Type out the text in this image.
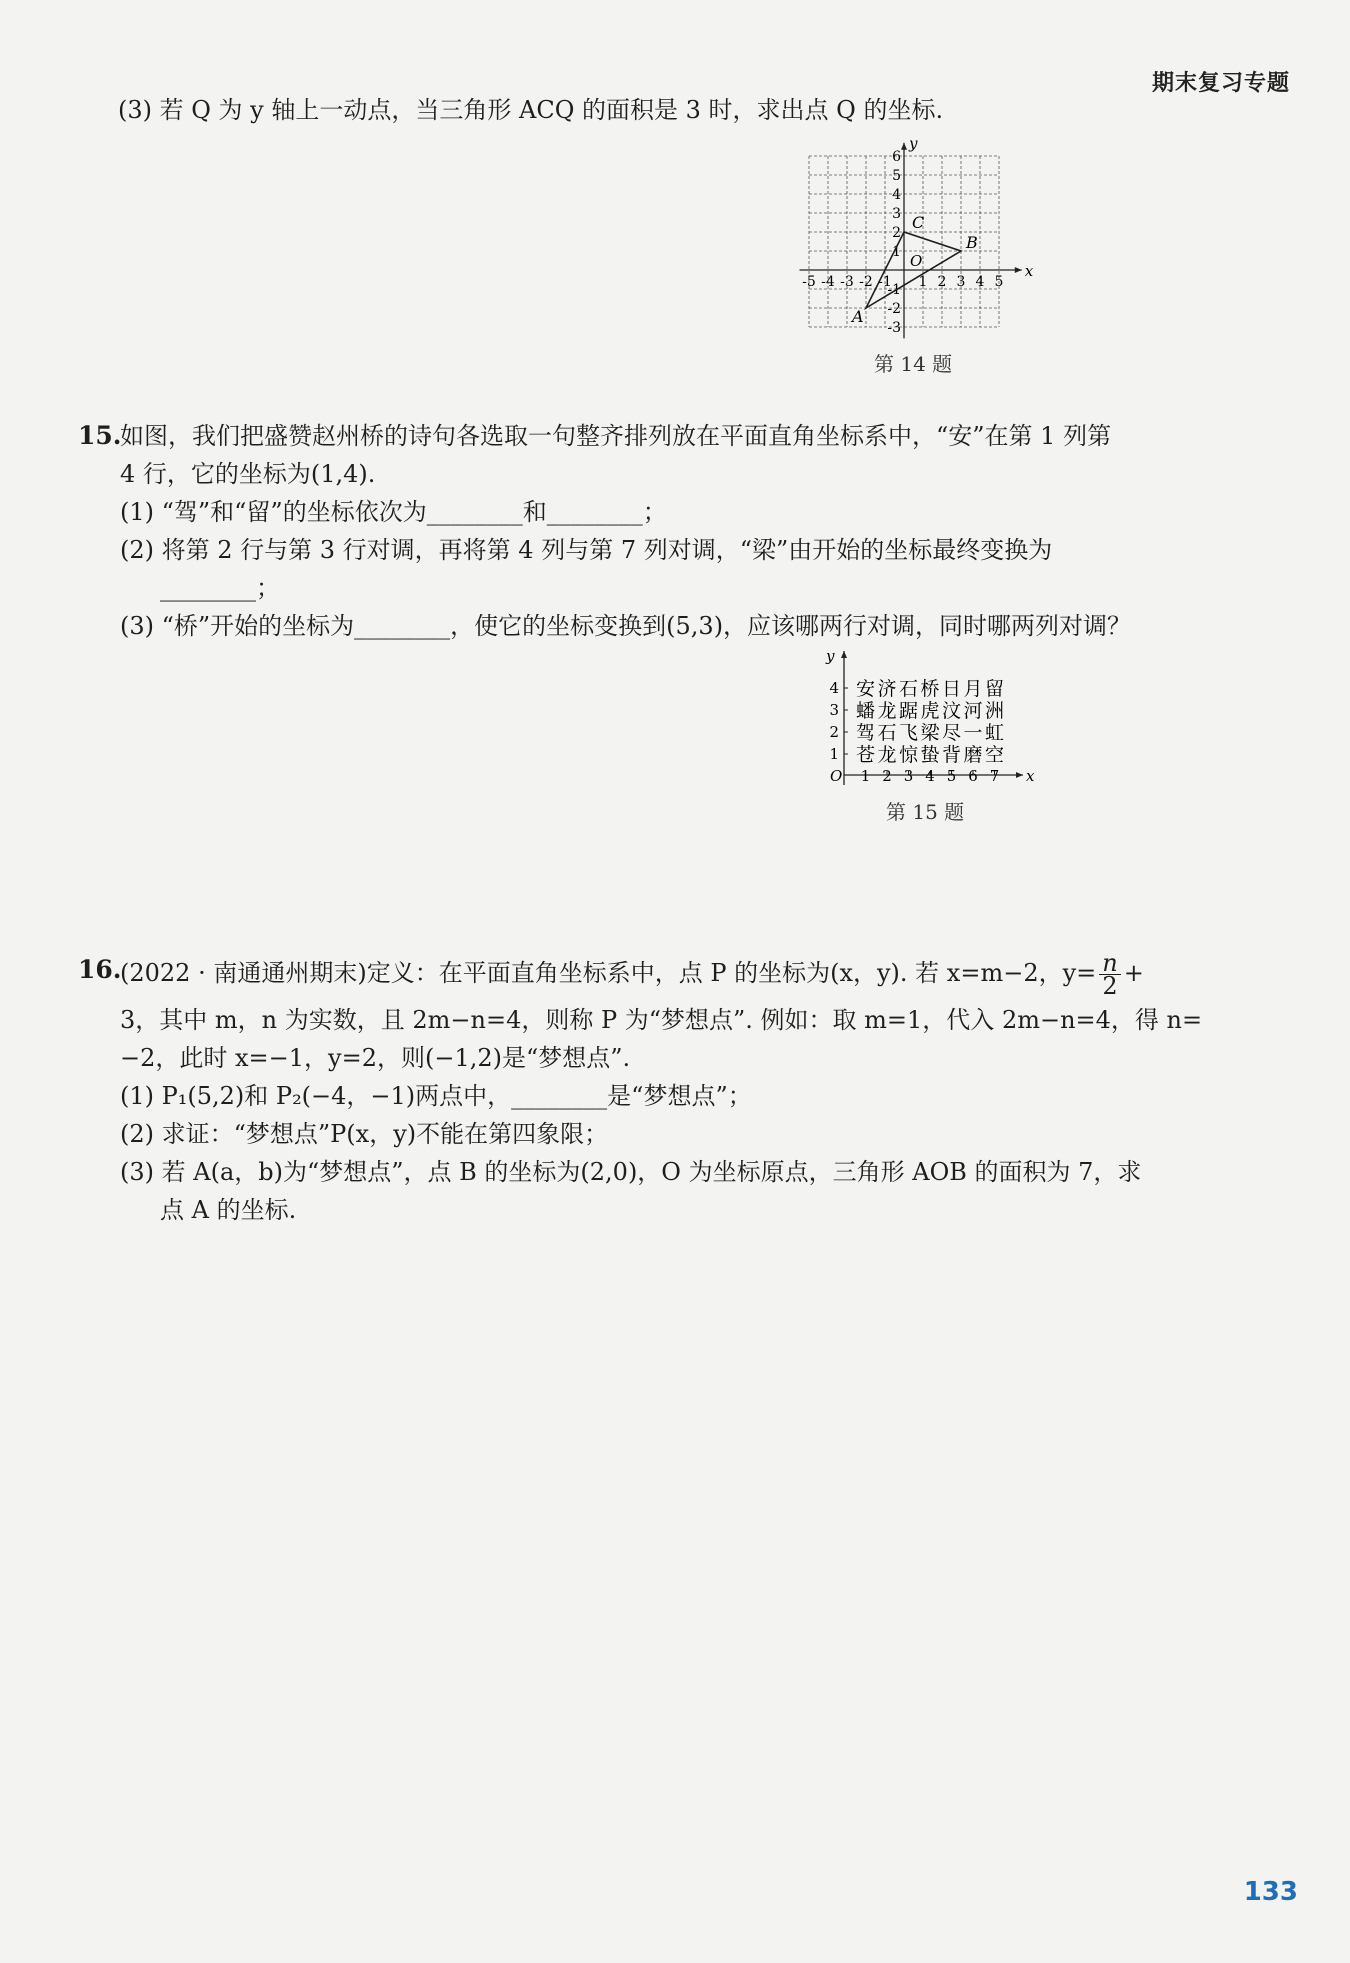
期末复习专题
(3) 若 Q 为 y 轴上一动点，当三角形 ACQ 的面积是 3 时，求出点 Q 的坐标.
x
y
O
-5 -4 -3 -2 -1 1 2 3 4 5
6
5
4
3
2
1
-1
-2
-3
A
B
C
第 14 题
15.
如图，我们把盛赞赵州桥的诗句各选取一句整齐排列放在平面直角坐标系中，“安”在第 1 列第
4 行，它的坐标为(1,4).
(1) “驾”和“留”的坐标依次为________和________；
(2) 将第 2 行与第 3 行对调，再将第 4 列与第 7 列对调，“梁”由开始的坐标最终变换为
________；
(3) “桥”开始的坐标为________，使它的坐标变换到(5,3)，应该哪两行对调，同时哪两列对调？
x
y
O 1 2 3 4 5 6 7
4
3
2
1
安 济 石 桥 日 月 留
蟠 龙 踞 虎 汶 河 洲
驾 石 飞 梁 尽 一 虹
苍 龙 惊 蛰 背 磨 空
第 15 题
16.
(2022 · 南通通州期末)定义：在平面直角坐标系中，点 P 的坐标为(x，y). 若 x=m−2，$y= \frac{n}{2}$ +
3，其中 m，n 为实数，且 2m−n=4，则称 P 为“梦想点”. 例如：取 m=1，代入 2m−n=4，得 n=
−2，此时 x=−1，y=2，则(−1,2)是“梦想点”.
(1) P₁(5,2)和 P₂(−4，−1)两点中，________是“梦想点”；
(2) 求证：“梦想点”P(x，y)不能在第四象限；
(3) 若 A(a，b)为“梦想点”，点 B 的坐标为(2,0)，O 为坐标原点，三角形 AOB 的面积为 7，求
点 A 的坐标.
133
